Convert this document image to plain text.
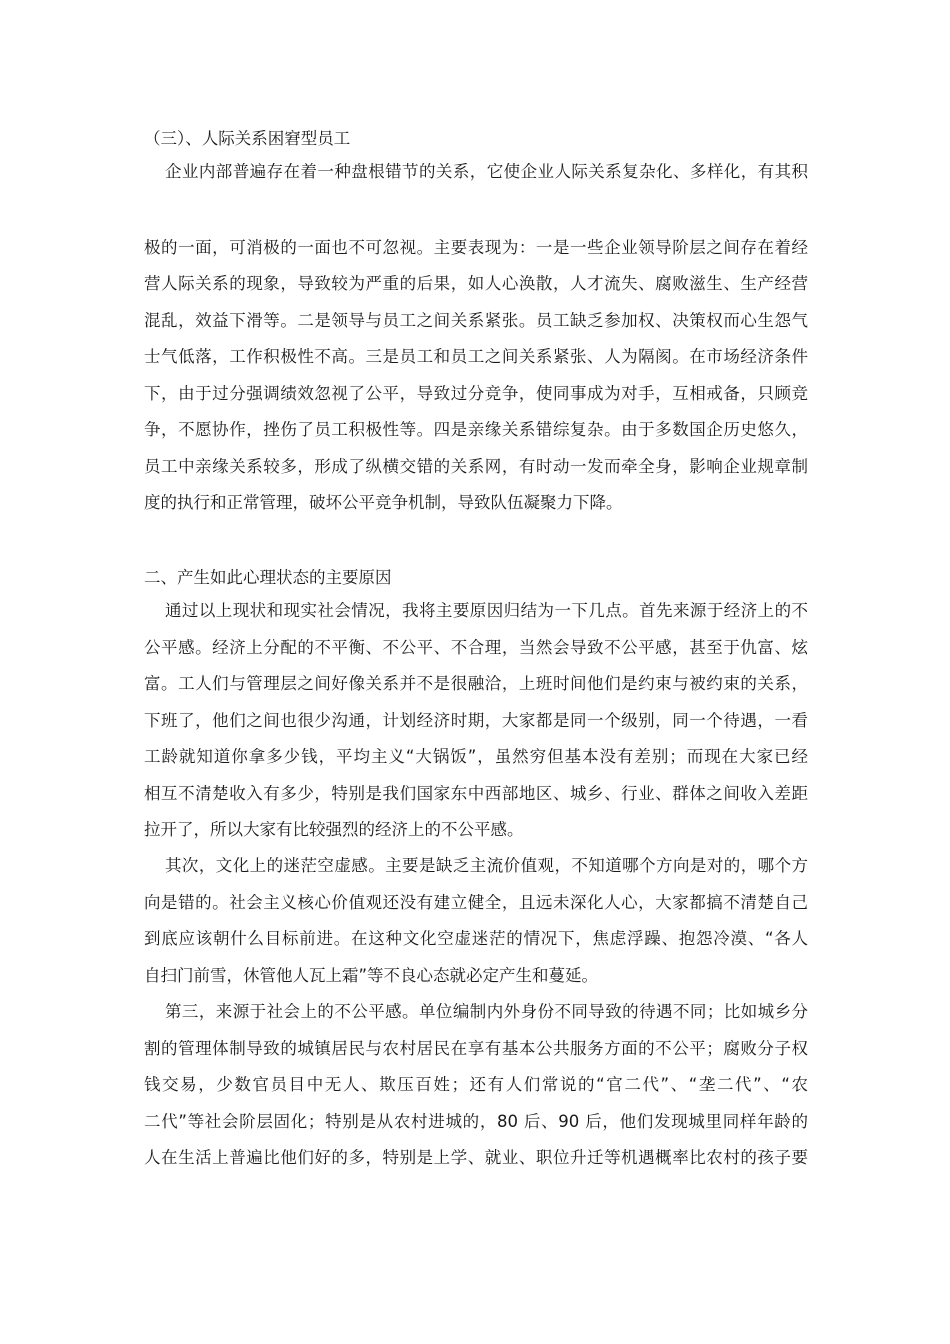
（三）、人际关系困窘型员工
企业内部普遍存在着一种盘根错节的关系，它使企业人际关系复杂化、多样化，有其积
极的一面，可消极的一面也不可忽视。主要表现为：一是一些企业领导阶层之间存在着经
营人际关系的现象，导致较为严重的后果，如人心涣散，人才流失、腐败滋生、生产经营
混乱，效益下滑等。二是领导与员工之间关系紧张。员工缺乏参加权、决策权而心生怨气
士气低落，工作积极性不高。三是员工和员工之间关系紧张、人为隔阂。在市场经济条件
下，由于过分强调绩效忽视了公平，导致过分竞争，使同事成为对手，互相戒备，只顾竞
争，不愿协作，挫伤了员工积极性等。四是亲缘关系错综复杂。由于多数国企历史悠久，
员工中亲缘关系较多，形成了纵横交错的关系网，有时动一发而牵全身，影响企业规章制
度的执行和正常管理，破坏公平竞争机制，导致队伍凝聚力下降。
二、产生如此心理状态的主要原因
通过以上现状和现实社会情况，我将主要原因归结为一下几点。首先来源于经济上的不
公平感。经济上分配的不平衡、不公平、不合理，当然会导致不公平感，甚至于仇富、炫
富。工人们与管理层之间好像关系并不是很融洽，上班时间他们是约束与被约束的关系，
下班了，他们之间也很少沟通，计划经济时期，大家都是同一个级别，同一个待遇，一看
工龄就知道你拿多少钱，平均主义“大锅饭”，虽然穷但基本没有差别；而现在大家已经
相互不清楚收入有多少，特别是我们国家东中西部地区、城乡、行业、群体之间收入差距
拉开了，所以大家有比较强烈的经济上的不公平感。
其次，文化上的迷茫空虚感。主要是缺乏主流价值观，不知道哪个方向是对的，哪个方
向是错的。社会主义核心价值观还没有建立健全，且远未深化人心，大家都搞不清楚自己
到底应该朝什么目标前进。在这种文化空虚迷茫的情况下，焦虑浮躁、抱怨冷漠、“各人
自扫门前雪，休管他人瓦上霜”等不良心态就必定产生和蔓延。
第三，来源于社会上的不公平感。单位编制内外身份不同导致的待遇不同；比如城乡分
割的管理体制导致的城镇居民与农村居民在享有基本公共服务方面的不公平；腐败分子权
钱交易，少数官员目中无人、欺压百姓；还有人们常说的“官二代”、“垄二代”、“农
二代”等社会阶层固化；特别是从农村进城的，80 后、90 后，他们发现城里同样年龄的
人在生活上普遍比他们好的多，特别是上学、就业、职位升迁等机遇概率比农村的孩子要
